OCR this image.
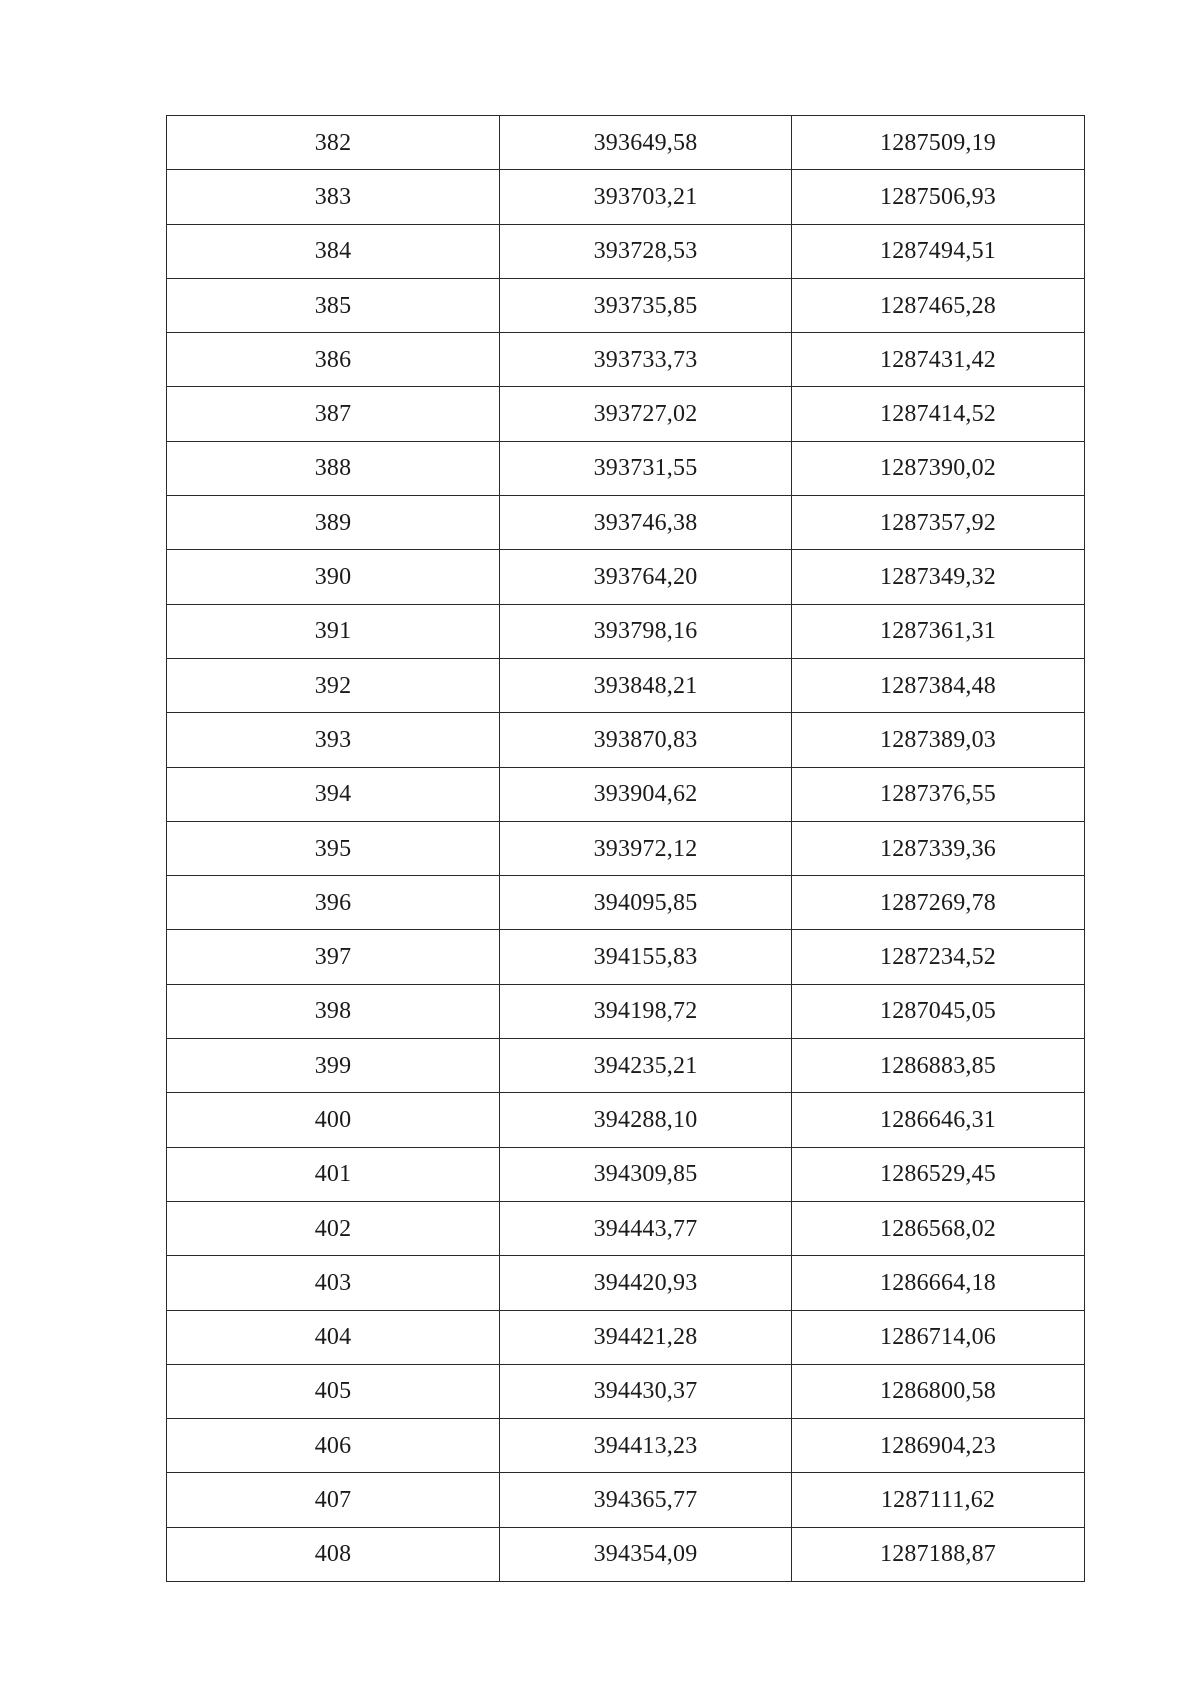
382	393649,58	1287509,19
383	393703,21	1287506,93
384	393728,53	1287494,51
385	393735,85	1287465,28
386	393733,73	1287431,42
387	393727,02	1287414,52
388	393731,55	1287390,02
389	393746,38	1287357,92
390	393764,20	1287349,32
391	393798,16	1287361,31
392	393848,21	1287384,48
393	393870,83	1287389,03
394	393904,62	1287376,55
395	393972,12	1287339,36
396	394095,85	1287269,78
397	394155,83	1287234,52
398	394198,72	1287045,05
399	394235,21	1286883,85
400	394288,10	1286646,31
401	394309,85	1286529,45
402	394443,77	1286568,02
403	394420,93	1286664,18
404	394421,28	1286714,06
405	394430,37	1286800,58
406	394413,23	1286904,23
407	394365,77	1287111,62
408	394354,09	1287188,87
